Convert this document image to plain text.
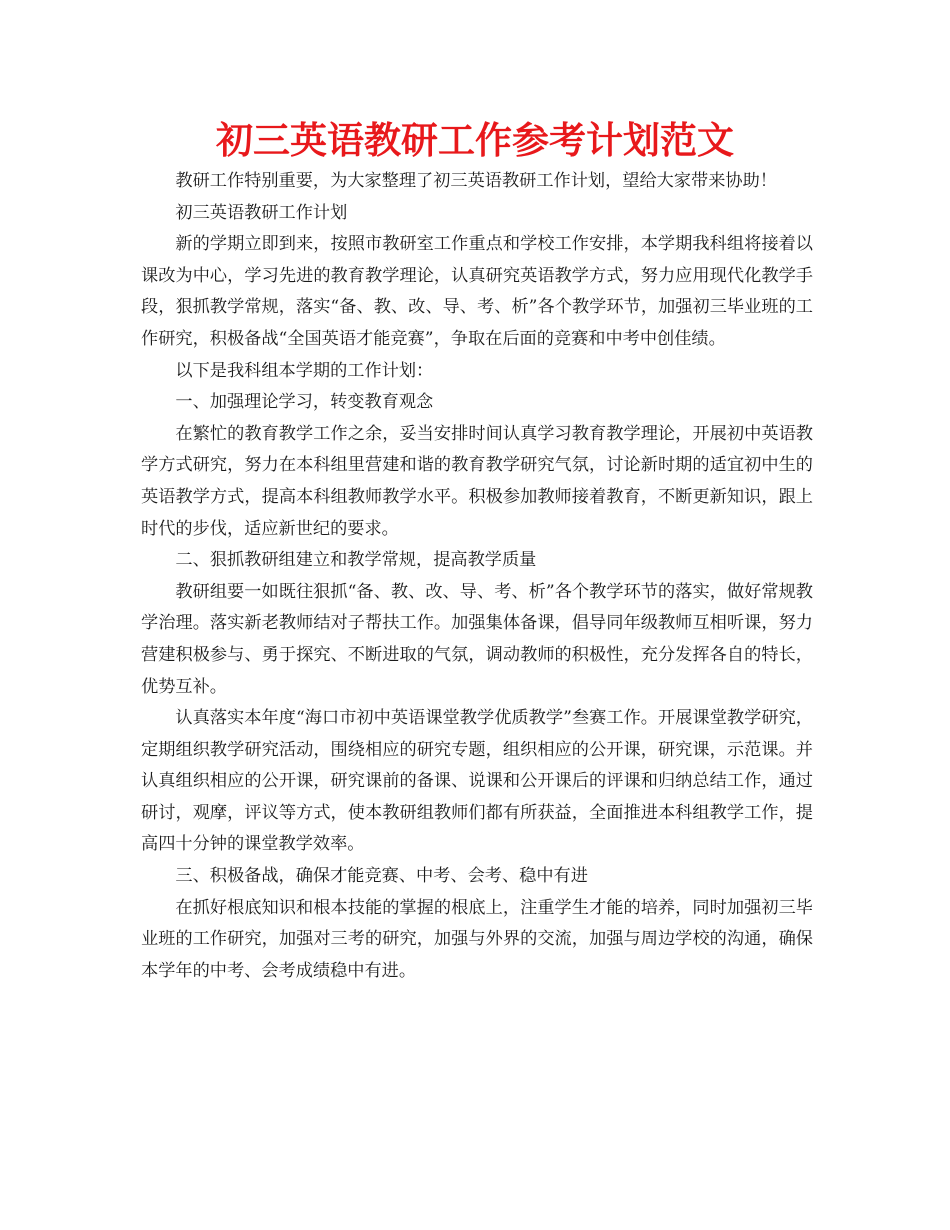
初三英语教研工作参考计划范文

教研工作特别重要，为大家整理了初三英语教研工作计划，望给大家带来协助！

初三英语教研工作计划

新的学期立即到来，按照市教研室工作重点和学校工作安排，本学期我科组将接着以课改为中心，学习先进的教育教学理论，认真研究英语教学方式，努力应用现代化教学手段，狠抓教学常规，落实“备、教、改、导、考、析”各个教学环节，加强初三毕业班的工作研究，积极备战“全国英语才能竞赛”，争取在后面的竞赛和中考中创佳绩。

以下是我科组本学期的工作计划：

一、加强理论学习，转变教育观念

在繁忙的教育教学工作之余，妥当安排时间认真学习教育教学理论，开展初中英语教学方式研究，努力在本科组里营建和谐的教育教学研究气氛，讨论新时期的适宜初中生的英语教学方式，提高本科组教师教学水平。积极参加教师接着教育，不断更新知识，跟上时代的步伐，适应新世纪的要求。

二、狠抓教研组建立和教学常规，提高教学质量

教研组要一如既往狠抓“备、教、改、导、考、析”各个教学环节的落实，做好常规教学治理。落实新老教师结对子帮扶工作。加强集体备课，倡导同年级教师互相听课，努力营建积极参与、勇于探究、不断进取的气氛，调动教师的积极性，充分发挥各自的特长，优势互补。

认真落实本年度“海口市初中英语课堂教学优质教学”叁赛工作。开展课堂教学研究，定期组织教学研究活动，围绕相应的研究专题，组织相应的公开课，研究课，示范课。并认真组织相应的公开课，研究课前的备课、说课和公开课后的评课和归纳总结工作，通过研讨，观摩，评议等方式，使本教研组教师们都有所获益，全面推进本科组教学工作，提高四十分钟的课堂教学效率。

三、积极备战，确保才能竞赛、中考、会考、稳中有进

在抓好根底知识和根本技能的掌握的根底上，注重学生才能的培养，同时加强初三毕业班的工作研究，加强对三考的研究，加强与外界的交流，加强与周边学校的沟通，确保本学年的中考、会考成绩稳中有进。
